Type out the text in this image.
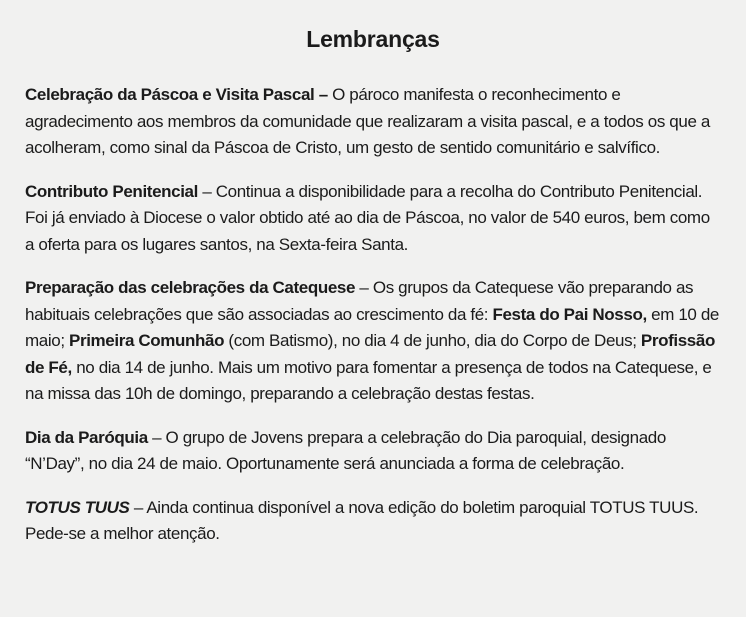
Lembranças

Celebração da Páscoa e Visita Pascal – O pároco manifesta o reconhecimento e agradecimento aos membros da comunidade que realizaram a visita pascal, e a todos os que a acolheram, como sinal da Páscoa de Cristo, um gesto de sentido comunitário e salvífico.

Contributo Penitencial – Continua a disponibilidade para a recolha do Contributo Penitencial. Foi já enviado à Diocese o valor obtido até ao dia de Páscoa, no valor de 540 euros, bem como a oferta para os lugares santos, na Sexta-feira Santa.

Preparação das celebrações da Catequese – Os grupos da Catequese vão preparando as habituais celebrações que são associadas ao crescimento da fé: Festa do Pai Nosso, em 10 de maio; Primeira Comunhão (com Batismo), no dia 4 de junho, dia do Corpo de Deus; Profissão de Fé, no dia 14 de junho. Mais um motivo para fomentar a presença de todos na Catequese, e na missa das 10h de domingo, preparando a celebração destas festas.

Dia da Paróquia – O grupo de Jovens prepara a celebração do Dia paroquial, designado “N’Day”, no dia 24 de maio. Oportunamente será anunciada a forma de celebração.

TOTUS TUUS – Ainda continua disponível a nova edição do boletim paroquial TOTUS TUUS. Pede-se a melhor atenção.
